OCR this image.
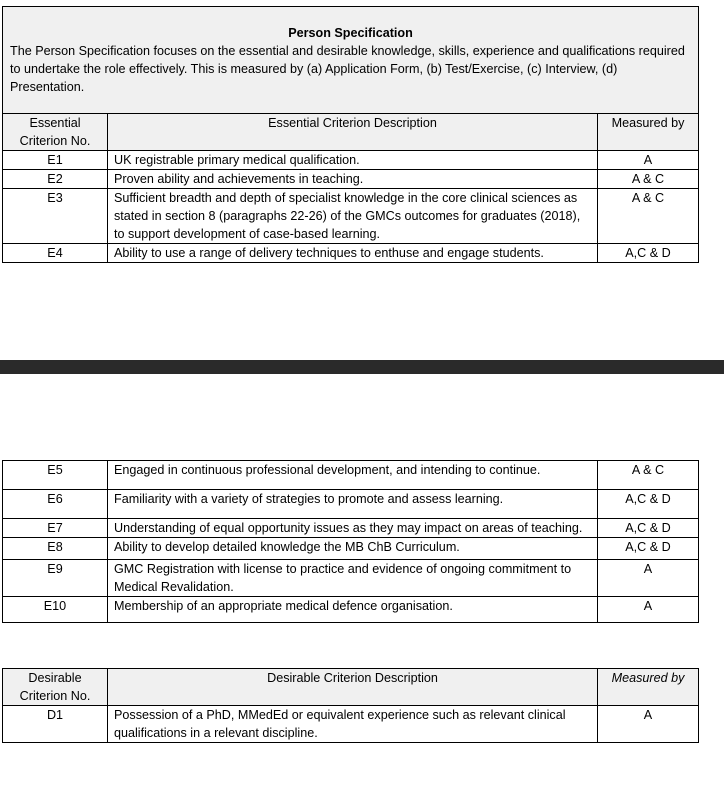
Person Specification

The Person Specification focuses on the essential and desirable knowledge, skills, experience and qualifications required to undertake the role effectively. This is measured by (a) Application Form, (b) Test/Exercise, (c) Interview, (d) Presentation.

Essential Criterion No.	Essential Criterion Description	Measured by
E1	UK registrable primary medical qualification.	A
E2	Proven ability and achievements in teaching.	A & C
E3	Sufficient breadth and depth of specialist knowledge in the core clinical sciences as stated in section 8 (paragraphs 22-26) of the GMCs outcomes for graduates (2018), to support development of case-based learning.	A & C
E4	Ability to use a range of delivery techniques to enthuse and engage students.	A,C & D
E5	Engaged in continuous professional development, and intending to continue.	A & C
E6	Familiarity with a variety of strategies to promote and assess learning.	A,C & D
E7	Understanding of equal opportunity issues as they may impact on areas of teaching.	A,C & D
E8	Ability to develop detailed knowledge the MB ChB Curriculum.	A,C & D
E9	GMC Registration with license to practice and evidence of ongoing commitment to Medical Revalidation.	A
E10	Membership of an appropriate medical defence organisation.	A
Desirable Criterion No.	Desirable Criterion Description	Measured by
D1	Possession of a PhD, MMedEd or equivalent experience such as relevant clinical qualifications in a relevant discipline.	A
